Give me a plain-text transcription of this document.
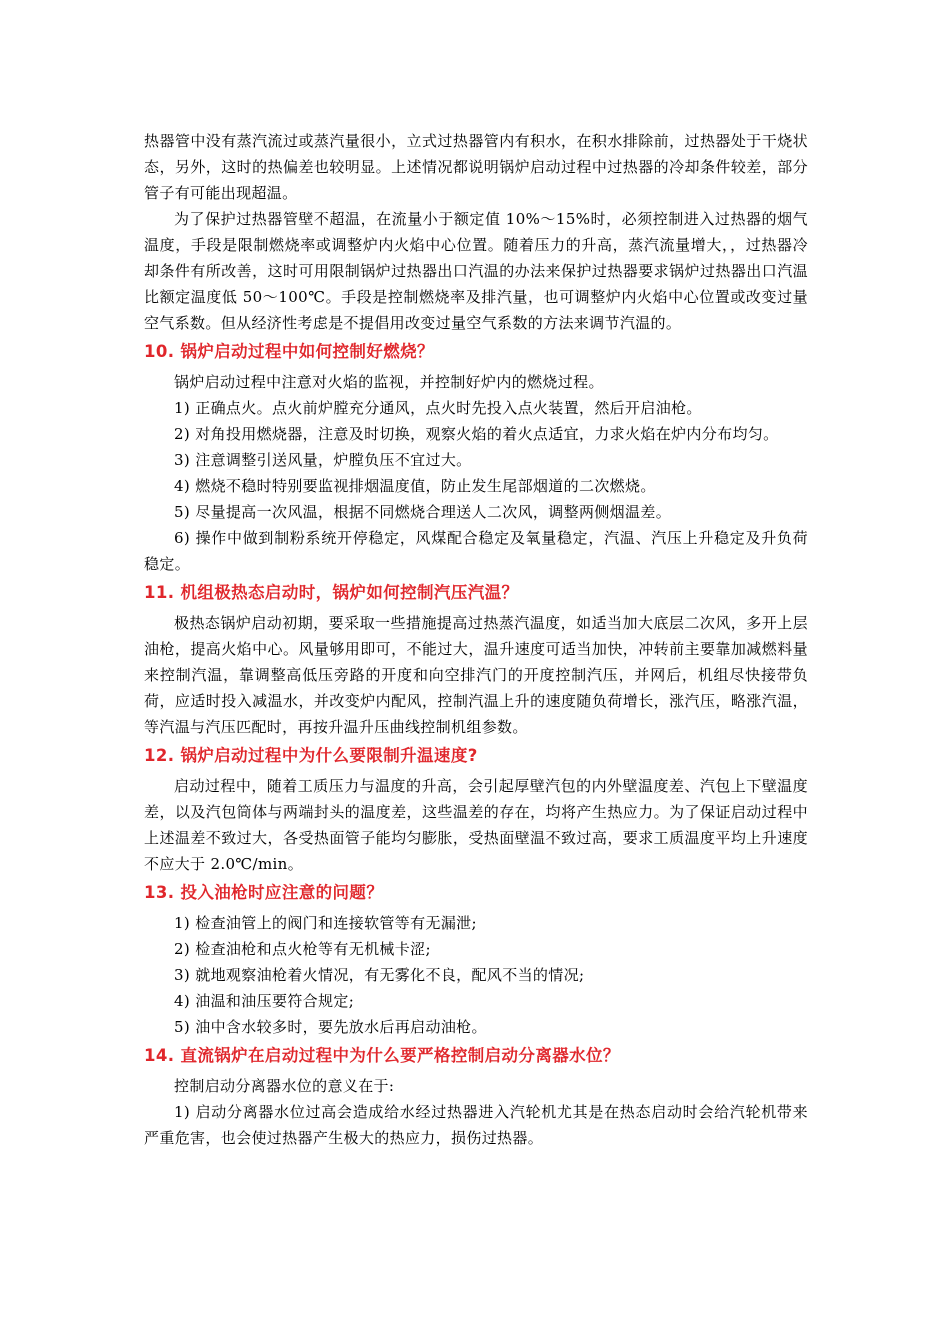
热器管中没有蒸汽流过或蒸汽量很小，立式过热器管内有积水，在积水排除前，过热器处于干烧状态，另外，这时的热偏差也较明显。上述情况都说明锅炉启动过程中过热器的冷却条件较差，部分管子有可能出现超温。

为了保护过热器管壁不超温，在流量小于额定值 10%～15%时，必须控制进入过热器的烟气温度，手段是限制燃烧率或调整炉内火焰中心位置。随着压力的升高，蒸汽流量增大，，过热器冷却条件有所改善，这时可用限制锅炉过热器出口汽温的办法来保护过热器要求锅炉过热器出口汽温比额定温度低 50～100℃。手段是控制燃烧率及排汽量，也可调整炉内火焰中心位置或改变过量空气系数。但从经济性考虑是不提倡用改变过量空气系数的方法来调节汽温的。

10. 锅炉启动过程中如何控制好燃烧？

锅炉启动过程中注意对火焰的监视，并控制好炉内的燃烧过程。

1) 正确点火。点火前炉膛充分通风，点火时先投入点火装置，然后开启油枪。

2) 对角投用燃烧器，注意及时切换，观察火焰的着火点适宜，力求火焰在炉内分布均匀。

3) 注意调整引送风量，炉膛负压不宜过大。

4) 燃烧不稳时特别要监视排烟温度值，防止发生尾部烟道的二次燃烧。

5) 尽量提高一次风温，根据不同燃烧合理送人二次风，调整两侧烟温差。

6) 操作中做到制粉系统开停稳定，风煤配合稳定及氧量稳定，汽温、汽压上升稳定及升负荷稳定。

11. 机组极热态启动时，锅炉如何控制汽压汽温？

极热态锅炉启动初期，要采取一些措施提高过热蒸汽温度，如适当加大底层二次风，多开上层油枪，提高火焰中心。风量够用即可，不能过大，温升速度可适当加快，冲转前主要靠加减燃料量来控制汽温，靠调整高低压旁路的开度和向空排汽门的开度控制汽压，并网后，机组尽快接带负荷，应适时投入减温水，并改变炉内配风，控制汽温上升的速度随负荷增长，涨汽压，略涨汽温，等汽温与汽压匹配时，再按升温升压曲线控制机组参数。

12. 锅炉启动过程中为什么要限制升温速度?

启动过程中，随着工质压力与温度的升高，会引起厚壁汽包的内外壁温度差、汽包上下壁温度差，以及汽包筒体与两端封头的温度差，这些温差的存在，均将产生热应力。为了保证启动过程中上述温差不致过大，各受热面管子能均匀膨胀，受热面壁温不致过高，要求工质温度平均上升速度不应大于 2.0℃/min。

13. 投入油枪时应注意的问题？

1) 检查油管上的阀门和连接软管等有无漏泄;

2) 检查油枪和点火枪等有无机械卡涩;

3) 就地观察油枪着火情况，有无雾化不良，配风不当的情况;

4) 油温和油压要符合规定;

5) 油中含水较多时，要先放水后再启动油枪。

14. 直流锅炉在启动过程中为什么要严格控制启动分离器水位？

控制启动分离器水位的意义在于:

1) 启动分离器水位过高会造成给水经过热器进入汽轮机尤其是在热态启动时会给汽轮机带来严重危害，也会使过热器产生极大的热应力，损伤过热器。
